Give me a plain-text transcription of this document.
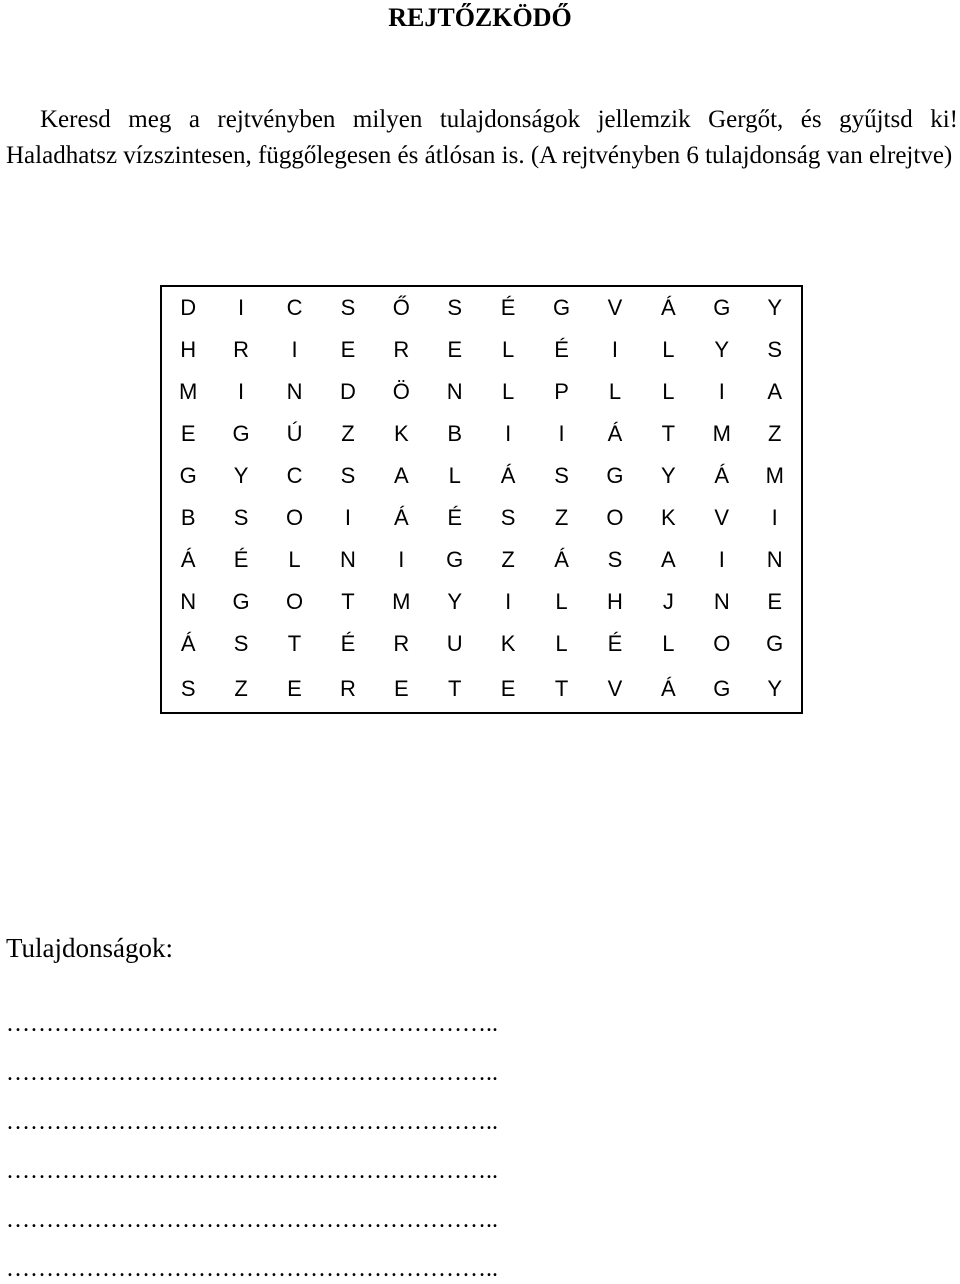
REJTŐZKÖDŐ

Keresd meg a rejtvényben milyen tulajdonságok jellemzik Gergőt, és gyűjtsd ki! Haladhatsz vízszintesen, függőlegesen és átlósan is. (A rejtvényben 6 tulajdonság van elrejtve)

D	I	C	S	Ő	S	É	G	V	Á	G	Y
H	R	I	E	R	E	L	É	I	L	Y	S
M	I	N	D	Ö	N	L	P	L	L	I	A
E	G	Ú	Z	K	B	I	I	Á	T	M	Z
G	Y	C	S	A	L	Á	S	G	Y	Á	M
B	S	O	I	Á	É	S	Z	O	K	V	I
Á	É	L	N	I	G	Z	Á	S	A	I	N
N	G	O	T	M	Y	I	L	H	J	N	E
Á	S	T	É	R	U	K	L	É	L	O	G
S	Z	E	R	E	T	E	T	V	Á	G	Y
Tulajdonságok:
……………………………………………………..
……………………………………………………..
……………………………………………………..
……………………………………………………..
……………………………………………………..
……………………………………………………..
